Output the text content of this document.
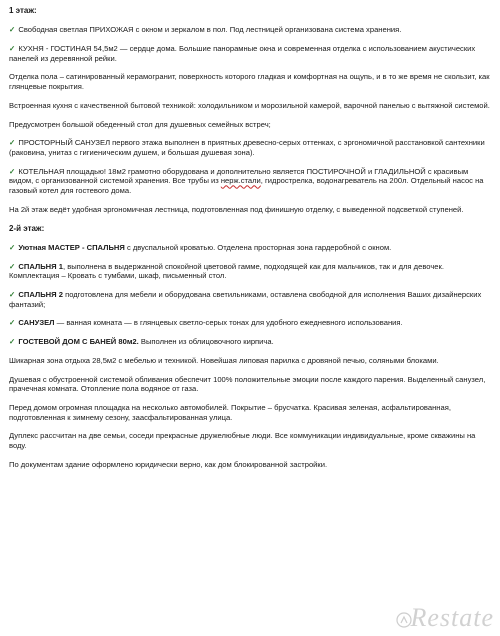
1 этаж:
✓ Свободная светлая ПРИХОЖАЯ с окном и зеркалом в пол. Под лестницей организована система хранения.
✓ КУХНЯ - ГОСТИНАЯ 54,5м2 — сердце дома. Большие панорамные окна и современная отделка с использованием акустических панелей из деревянной рейки.
Отделка пола – сатинированный керамогранит, поверхность которого гладкая и комфортная на ощупь, и в то же время не скользит, как глянцевые покрытия.
Встроенная кухня с качественной бытовой техникой: холодильником и морозильной камерой, варочной панелью с вытяжной системой.
Предусмотрен большой обеденный стол для душевных семейных встреч;
✓ ПРОСТОРНЫЙ САНУЗЕЛ первого этажа выполнен в приятных древесно-серых оттенках, с эргономичной расстановкой сантехники (раковина, унитаз с гигиеническим душем, и большая душевая зона).
✓ КОТЕЛЬНАЯ площадью! 18м2 грамотно оборудована и дополнительно является ПОСТИРОЧНОЙ и ГЛАДИЛЬНОЙ с красивым видом, с организованной системой хранения. Все трубы из нерж.стали, гидрострелка, водонагреватель на 200л. Отдельный насос на газовый котел для гостевого дома.
На 2й этаж ведёт удобная эргономичная лестница, подготовленная под финишную отделку, с выведенной подсветкой ступеней.
2-й этаж:
✓ Уютная МАСТЕР - СПАЛЬНЯ с двуспальной кроватью. Отделена просторная зона гардеробной с окном.
✓ СПАЛЬНЯ 1, выполнена в выдержанной спокойной цветовой гамме, подходящей как для мальчиков, так и для девочек. Комплектация – Кровать с тумбами, шкаф, письменный стол.
✓ СПАЛЬНЯ 2 подготовлена для мебели и оборудована светильниками, оставлена свободной для исполнения Ваших дизайнерских фантазий;
✓ САНУЗЕЛ — ванная комната — в глянцевых светло-серых тонах для удобного ежедневного использования.
✓ ГОСТЕВОЙ ДОМ С БАНЕЙ 80м2. Выполнен из облицовочного кирпича.
Шикарная зона отдыха 28,5м2 с мебелью и техникой. Новейшая липовая парилка с дровяной печью, соляными блоками.
Душевая с обустроенной системой обливания обеспечит 100% положительные эмоции после каждого парения. Выделенный санузел, прачечная комната. Отопление пола водяное от газа.
Перед домом огромная площадка на несколько автомобилей. Покрытие – брусчатка. Красивая зеленая, асфальтированная, подготовленная к зимнему сезону, заасфальтированная улица.
Дуплекс рассчитан на две семьи, соседи прекрасные дружелюбные люди. Все коммуникации индивидуальные, кроме скважины на воду.
По документам здание оформлено юридически верно, как дом блокированной застройки.
Restate
